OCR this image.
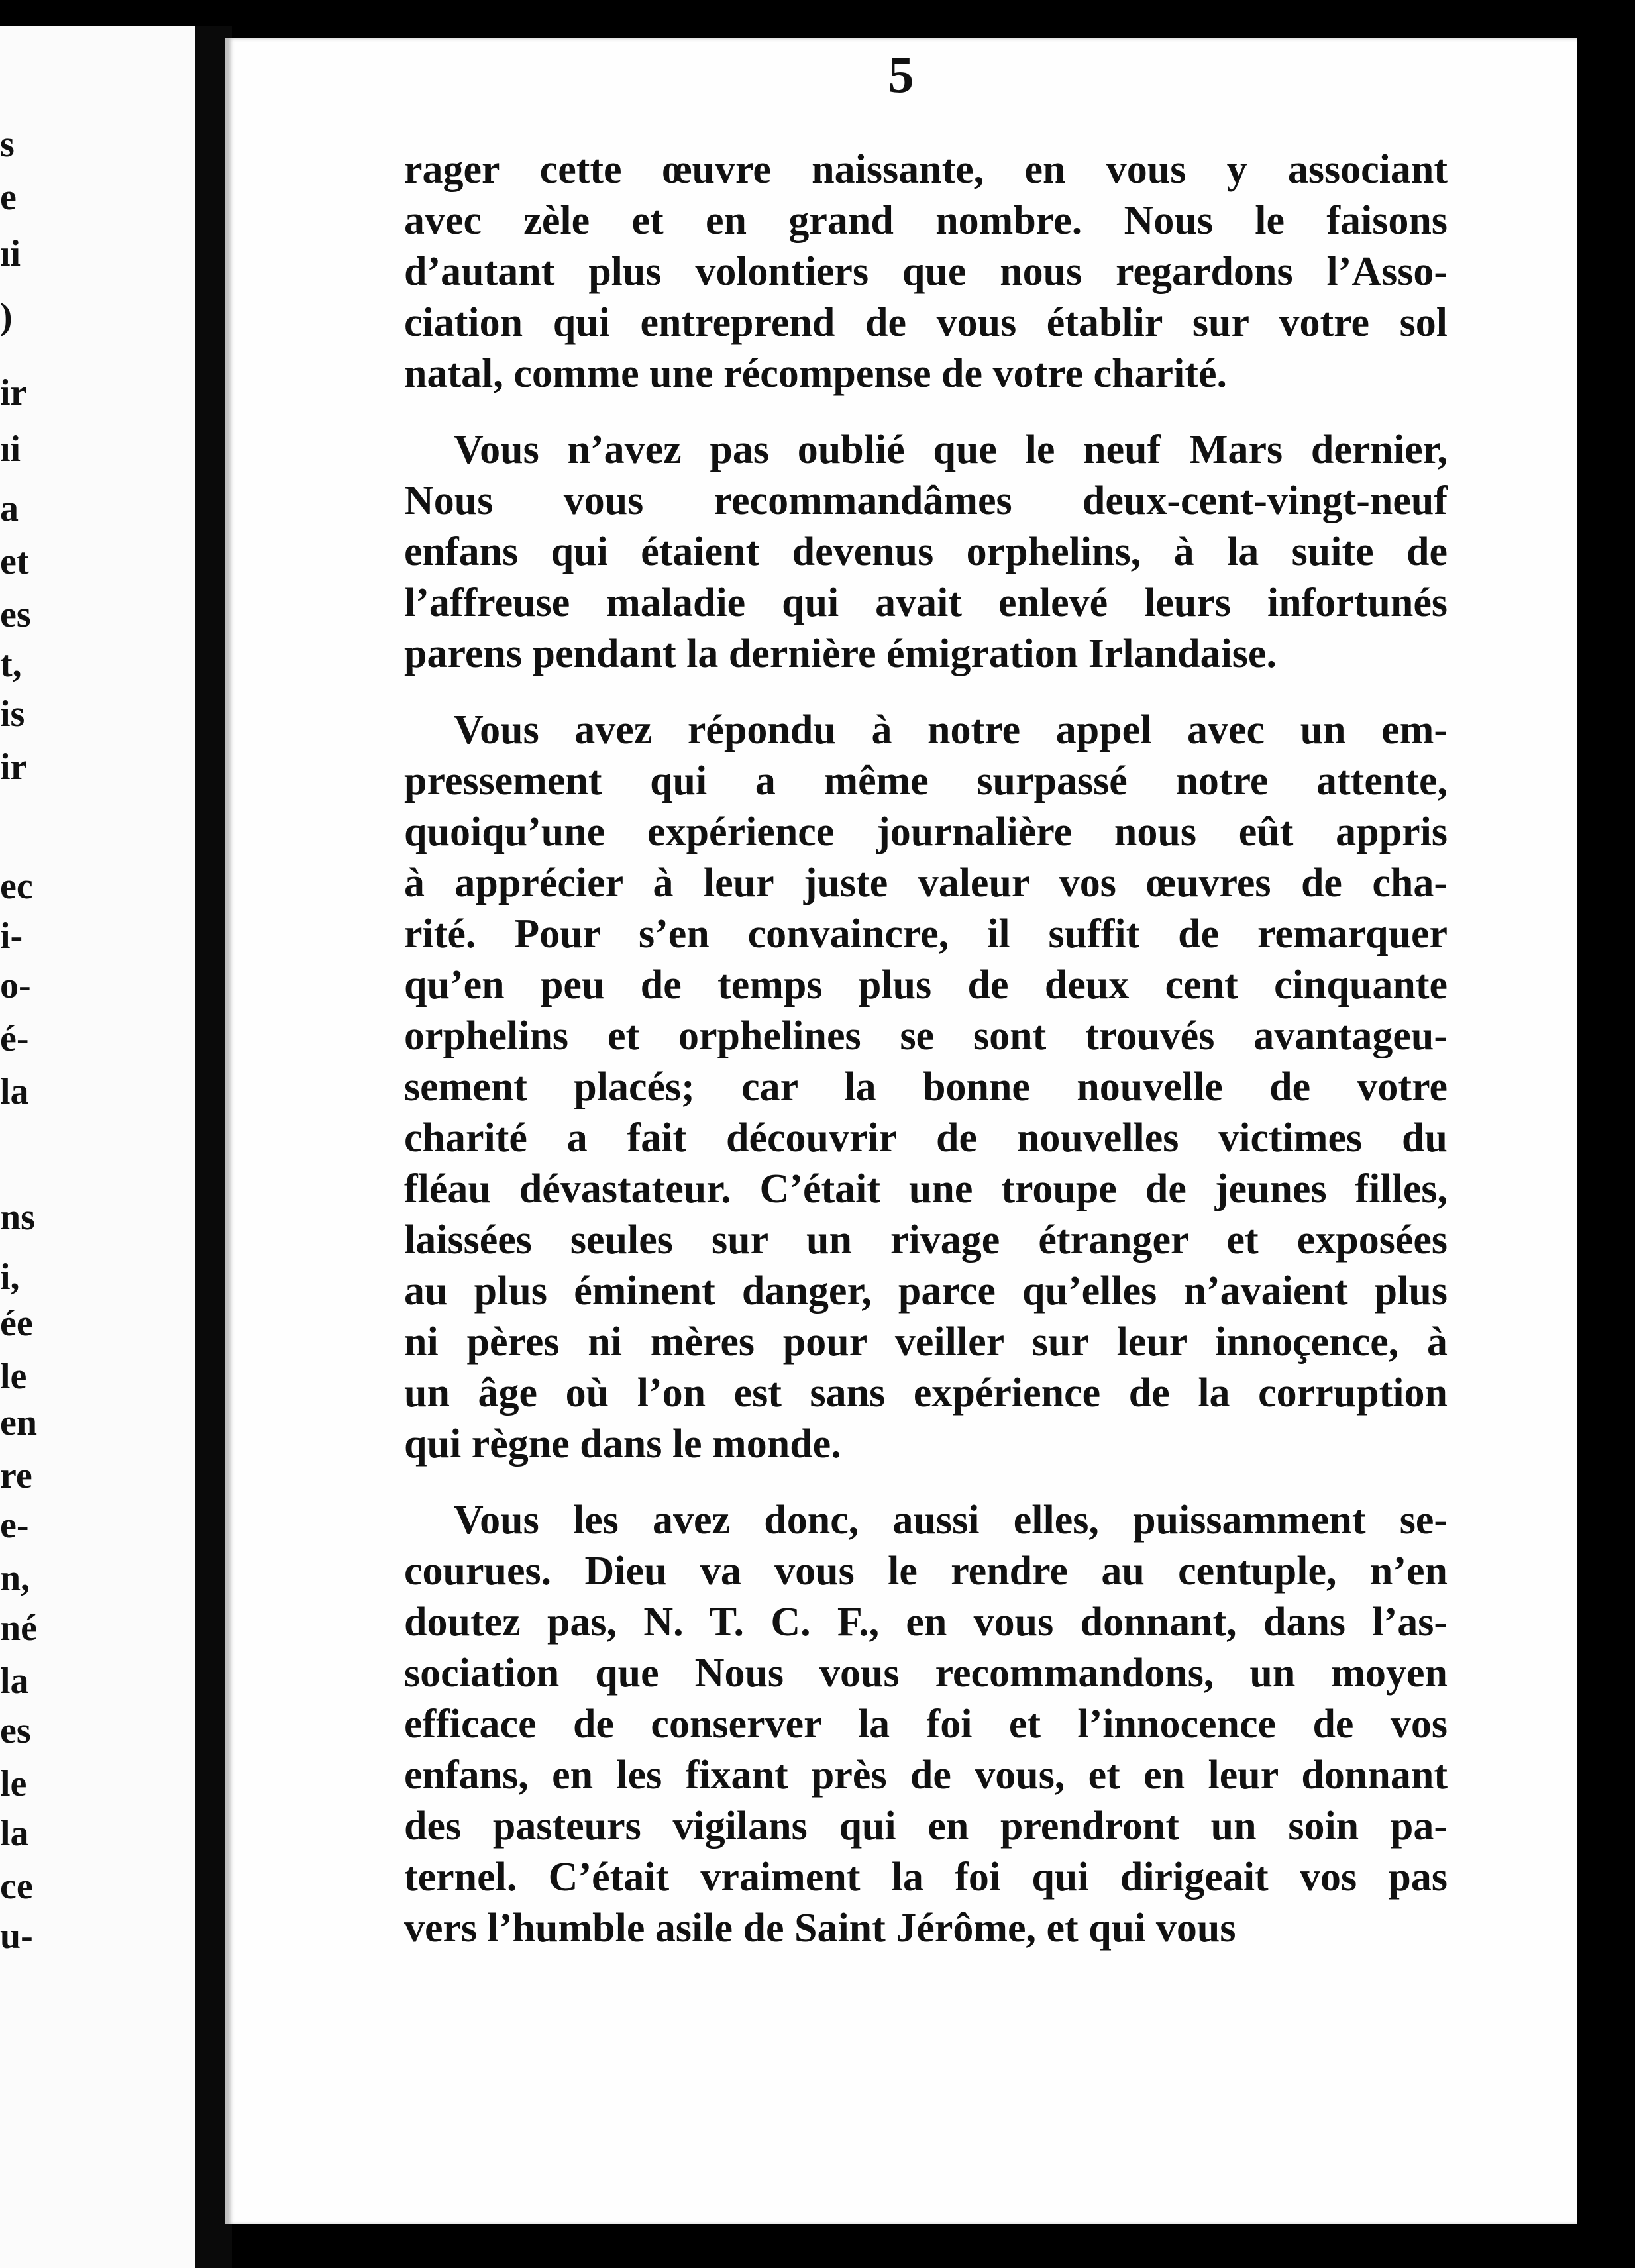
s
e
ıi
)
ir
ıi
a
et
es
t,
is
ir
ec
i-
o-
é-
la
ns
i,
ée
le
en
re
e-
n,
né
la
es
le
la
ce
u-
5
rager cette œuvre naissante, en vous y associant
avec zèle et en grand nombre. Nous le faisons
d’autant plus volontiers que nous regardons l’Asso-
ciation qui entreprend de vous établir sur votre sol
natal, comme une récompense de votre charité.
Vous n’avez pas oublié que le neuf Mars dernier,
Nous vous recommandâmes deux-cent-vingt-neuf
enfans qui étaient devenus orphelins, à la suite de
l’affreuse maladie qui avait enlevé leurs infortunés
parens pendant la dernière émigration Irlandaise.
Vous avez répondu à notre appel avec un em-
pressement qui a même surpassé notre attente,
quoiqu’une expérience journalière nous eût appris
à apprécier à leur juste valeur vos œuvres de cha-
rité. Pour s’en convaincre, il suffit de remarquer
qu’en peu de temps plus de deux cent cinquante
orphelins et orphelines se sont trouvés avantageu-
sement placés; car la bonne nouvelle de votre
charité a fait découvrir de nouvelles victimes du
fléau dévastateur. C’était une troupe de jeunes filles,
laissées seules sur un rivage étranger et exposées
au plus éminent danger, parce qu’elles n’avaient plus
ni pères ni mères pour veiller sur leur innoçence, à
un âge où l’on est sans expérience de la corruption
qui règne dans le monde.
Vous les avez donc, aussi elles, puissamment se-
courues. Dieu va vous le rendre au centuple, n’en
doutez pas, N. T. C. F., en vous donnant, dans l’as-
sociation que Nous vous recommandons, un moyen
efficace de conserver la foi et l’innocence de vos
enfans, en les fixant près de vous, et en leur donnant
des pasteurs vigilans qui en prendront un soin pa-
ternel. C’était vraiment la foi qui dirigeait vos pas
vers l’humble asile de Saint Jérôme, et qui vous
